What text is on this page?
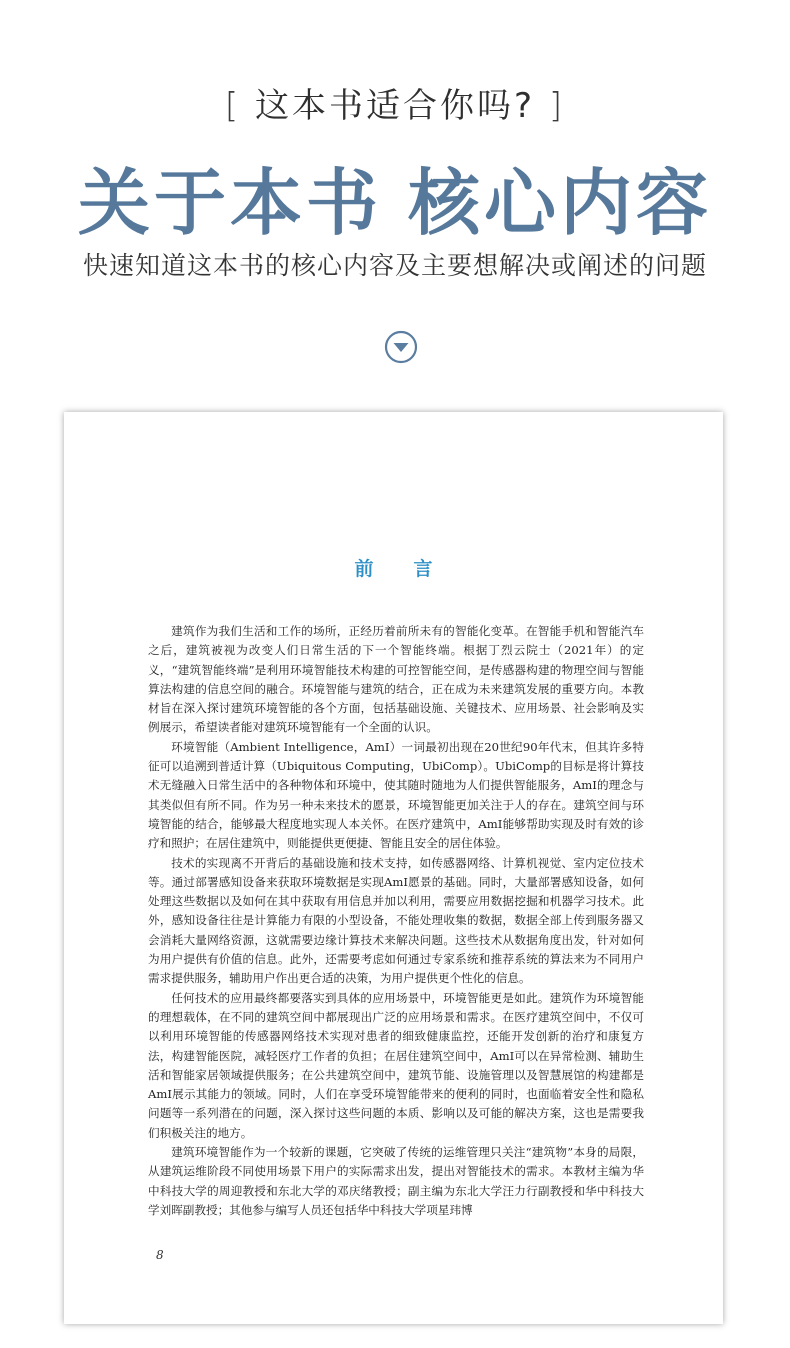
[ 这本书适合你吗? ]
关于本书 核心内容
快速知道这本书的核心内容及主要想解决或阐述的问题
前言

建筑作为我们生活和工作的场所，正经历着前所未有的智能化变革。在智能手机和智能汽车之后，建筑被视为改变人们日常生活的下一个智能终端。根据丁烈云院士（2021年）的定义，“建筑智能终端”是利用环境智能技术构建的可控智能空间，是传感器构建的物理空间与智能算法构建的信息空间的融合。环境智能与建筑的结合，正在成为未来建筑发展的重要方向。本教材旨在深入探讨建筑环境智能的各个方面，包括基础设施、关键技术、应用场景、社会影响及实例展示，希望读者能对建筑环境智能有一个全面的认识。

环境智能（Ambient Intelligence，AmI）一词最初出现在20世纪90年代末，但其许多特征可以追溯到普适计算（Ubiquitous Computing，UbiComp）。UbiComp的目标是将计算技术无缝融入日常生活中的各种物体和环境中，使其随时随地为人们提供智能服务，AmI的理念与其类似但有所不同。作为另一种未来技术的愿景，环境智能更加关注于人的存在。建筑空间与环境智能的结合，能够最大程度地实现人本关怀。在医疗建筑中，AmI能够帮助实现及时有效的诊疗和照护；在居住建筑中，则能提供更便捷、智能且安全的居住体验。

技术的实现离不开背后的基础设施和技术支持，如传感器网络、计算机视觉、室内定位技术等。通过部署感知设备来获取环境数据是实现AmI愿景的基础。同时，大量部署感知设备，如何处理这些数据以及如何在其中获取有用信息并加以利用，需要应用数据挖掘和机器学习技术。此外，感知设备往往是计算能力有限的小型设备，不能处理收集的数据，数据全部上传到服务器又会消耗大量网络资源，这就需要边缘计算技术来解决问题。这些技术从数据角度出发，针对如何为用户提供有价值的信息。此外，还需要考虑如何通过专家系统和推荐系统的算法来为不同用户需求提供服务，辅助用户作出更合适的决策，为用户提供更个性化的信息。

任何技术的应用最终都要落实到具体的应用场景中，环境智能更是如此。建筑作为环境智能的理想载体，在不同的建筑空间中都展现出广泛的应用场景和需求。在医疗建筑空间中，不仅可以利用环境智能的传感器网络技术实现对患者的细致健康监控，还能开发创新的治疗和康复方法，构建智能医院，减轻医疗工作者的负担；在居住建筑空间中，AmI可以在异常检测、辅助生活和智能家居领域提供服务；在公共建筑空间中，建筑节能、设施管理以及智慧展馆的构建都是AmI展示其能力的领域。同时，人们在享受环境智能带来的便利的同时，也面临着安全性和隐私问题等一系列潜在的问题，深入探讨这些问题的本质、影响以及可能的解决方案，这也是需要我们积极关注的地方。

建筑环境智能作为一个较新的课题，它突破了传统的运维管理只关注“建筑物”本身的局限，从建筑运维阶段不同使用场景下用户的实际需求出发，提出对智能技术的需求。本教材主编为华中科技大学的周迎教授和东北大学的邓庆绪教授；副主编为东北大学汪力行副教授和华中科技大学刘晖副教授；其他参与编写人员还包括华中科技大学项星玮博

8
